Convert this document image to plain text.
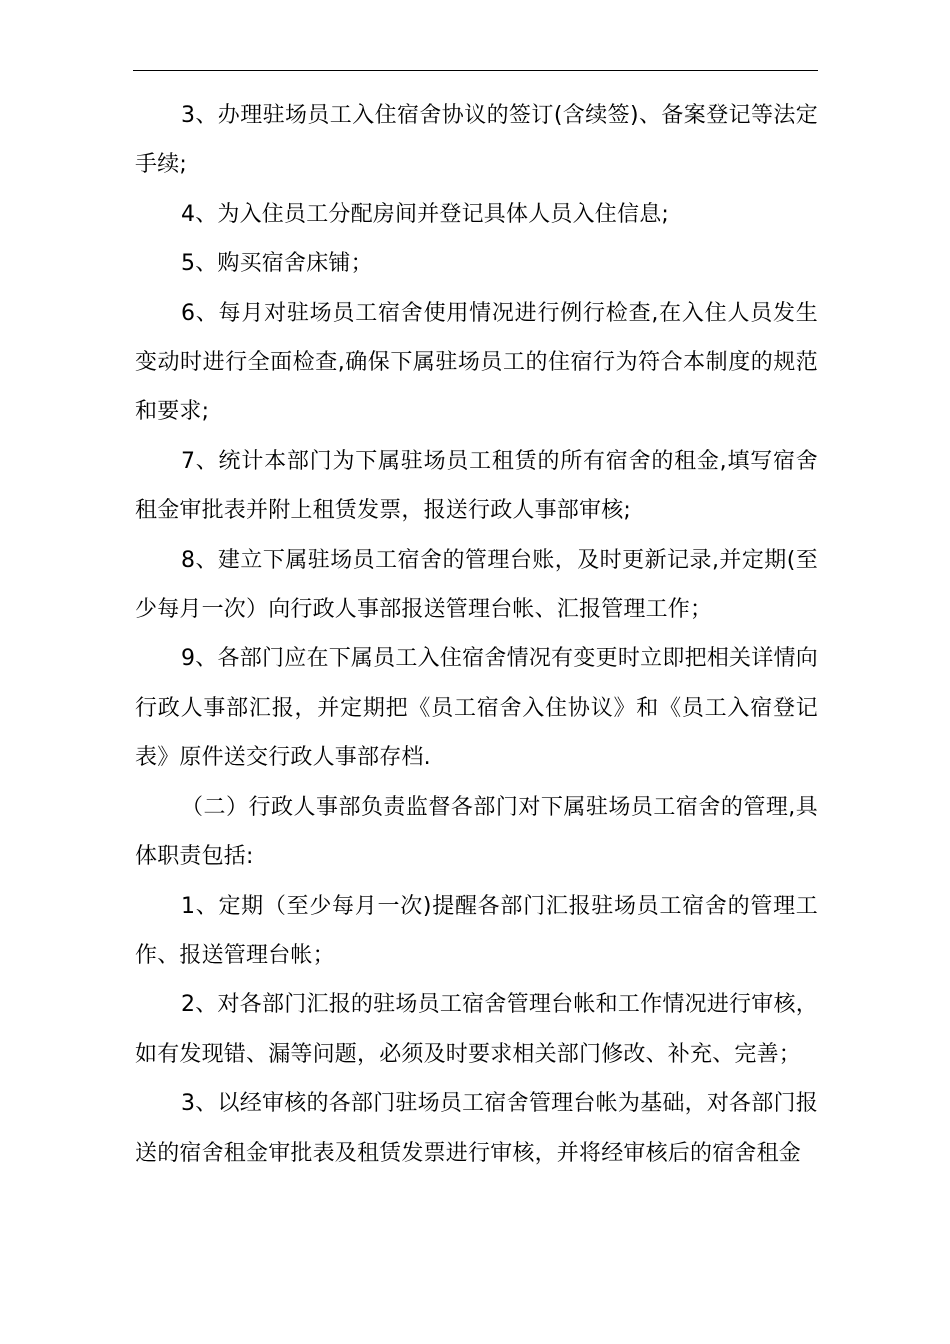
3、办理驻场员工入住宿舍协议的签订(含续签)、备案登记等法定手续;

4、为入住员工分配房间并登记具体人员入住信息;

5、购买宿舍床铺；

6、每月对驻场员工宿舍使用情况进行例行检查,在入住人员发生变动时进行全面检查,确保下属驻场员工的住宿行为符合本制度的规范和要求;

7、统计本部门为下属驻场员工租赁的所有宿舍的租金,填写宿舍租金审批表并附上租赁发票，报送行政人事部审核;

8、建立下属驻场员工宿舍的管理台账，及时更新记录,并定期(至少每月一次）向行政人事部报送管理台帐、汇报管理工作；

9、各部门应在下属员工入住宿舍情况有变更时立即把相关详情向行政人事部汇报，并定期把《员工宿舍入住协议》和《员工入宿登记表》原件送交行政人事部存档.

（二）行政人事部负责监督各部门对下属驻场员工宿舍的管理,具体职责包括:

1、定期（至少每月一次)提醒各部门汇报驻场员工宿舍的管理工作、报送管理台帐；

2、对各部门汇报的驻场员工宿舍管理台帐和工作情况进行审核，如有发现错、漏等问题，必须及时要求相关部门修改、补充、完善；

3、以经审核的各部门驻场员工宿舍管理台帐为基础，对各部门报送的宿舍租金审批表及租赁发票进行审核，并将经审核后的宿舍租金
